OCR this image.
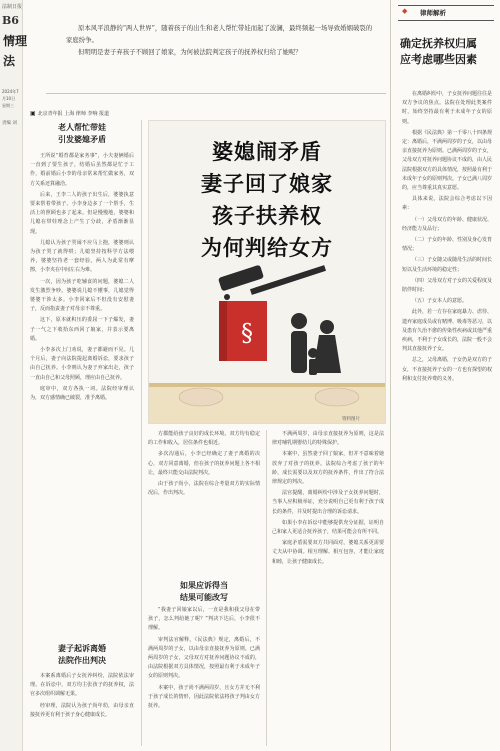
法制日报
B6
情理
法
2024年7月10日 星期三
责编 刘

原本风平浪静的“两人世界”，随着孩子的出生和老人帮忙带娃而起了波澜，最终频起一场导致婚姻破裂的家庭纷争。

但明明是妻子弃孩子不顾回了娘家，为何被法院判定孩子的抚养权归给了她呢？

▣ 北京青年报 上海 律师 李响 报道
老人帮忙带娃
引发婆媳矛盾

王所说“婚育都是家务事”，小夫妻俩婚后一直到了要生孩子，结婚后虽然都是忙于工作，婚前婚后小李的母亲常来帮忙做家务，双方关系还算融洽。

后来，王李二人的孩子出生后，婆婆执意要来帮着带孩子。小李身边多了一个帮手，生活上的照顾也多了起来。但是慢慢地，婆婆和儿媳在带娃理念上产生了分歧，矛盾渐渐显现。

儿媳认为孩子哭闹不应马上抱，婆婆则认为孩子哭了就得哄；儿媳坚持按科学方法喂养，婆婆坚持老一套经验。两人为此常有摩擦，小李夹在中间左右为难。

一次，因为孩子吃辅食的问题，婆媳二人发生激烈争吵。婆婆说儿媳不懂事，儿媳觉得婆婆干涉太多。小李回家后不但没有安慰妻子，反而指责妻子对母亲不尊重。

这下，原本就积压的委屈一下子爆发，妻子一气之下收拾东西回了娘家，并表示要离婚。

小李多次上门劝说，妻子都避而不见。几个月后，妻子向法院提起离婚诉讼，要求孩子由自己抚养。小李则认为妻子弃家出走，孩子一直由自己和父母照顾，理应由自己抚养。

庭审中，双方各执一词。法院经审理认为，双方感情确已破裂，准予离婚。

妻子起诉离婚
法院作出判决

本案系离婚后子女抚养纠纷，法院依法审理。在诉讼中，双方均主张孩子的抚养权，法官多次组织调解无果。

经审理，法院认为孩子尚年幼，由母亲直接抚养更有利于孩子身心健康成长。

§
婆媳闹矛盾
妻子回了娘家
孩子扶养权
为何判给女方
资料图片

方都能给孩子良好的成长环境。双方均有稳定的工作和收入，居住条件也相近。

多次沟通后，小李已经确定了妻子离婚的决心，双方同意离婚，但在孩子的抚养问题上各不相让，最终只能交由法院判决。

由于孩子尚小，法院在综合考量双方的实际情况后，作出判决。

如果应诉得当
结果可能改写

“我妻子回娘家以后，一直是我和我父母在带孩子，怎么判给她了呢？”判决下达后，小李很不理解。

审判法官解释，《民法典》规定，离婚后，不满两周岁的子女，以由母亲直接抚养为原则。已满两周岁的子女，父母双方对抚养问题协议不成的，由法院根据双方具体情况，按照最有利于未成年子女的原则判决。

本案中，孩子尚不满两周岁，且女方并无不利于孩子成长的情形，因此法院依法将孩子判由女方抚养。

不满两周岁，由母亲直接抚养为原则，这是法律对哺乳期婴幼儿的特殊保护。

本案中，虽然妻子回了娘家，但并不意味着她放弃了对孩子的抚养。法院综合考虑了孩子的年龄、成长需要以及双方的抚养条件，作出了符合法律规定的判决。

法官提醒，离婚纠纷中涉及子女抚养问题时，当事人应积极举证，充分说明自己更有利于孩子成长的条件，并及时提出合理的诉讼请求。

如果小李在诉讼中能够提供充分证据，证明自己和家人更适合抚养孩子，结果可能会有所不同。

家庭矛盾需要双方共同面对，婆媳关系更需要丈夫从中协调。相互理解、相互包容，才能让家庭和睦，让孩子健康成长。

◆ 律师解析
确定抚养权归属
应考虑哪些因素

在离婚纠纷中，子女抚养问题往往是双方争议的焦点。法院在处理此类案件时，始终坚持最有利于未成年子女的原则。

根据《民法典》第一千零八十四条规定：离婚后，不满两周岁的子女，以由母亲直接抚养为原则。已满两周岁的子女，父母双方对抚养问题协议不成的，由人民法院根据双方的具体情况，按照最有利于未成年子女的原则判决。子女已满八周岁的，应当尊重其真实意愿。

具体来说，法院会综合考虑以下因素：

（一）父母双方的年龄、健康状况、经济能力及品行；

（二）子女的年龄、性别及身心发育情况；

（三）子女随父或随母生活的时间长短以及生活环境的稳定性；

（四）父母双方对子女的关爱程度及陪伴时间；

（五）子女本人的意愿。

此外，若一方存在家庭暴力、虐待、遗弃家庭成员或有赌博、吸毒等恶习，以及患有久治不愈的传染性疾病或其他严重疾病，不利于子女成长的，法院一般不会判其直接抚养子女。

总之，父母离婚，子女仍是双方的子女，不直接抚养子女的一方也有探望的权利和支付抚养费的义务。
